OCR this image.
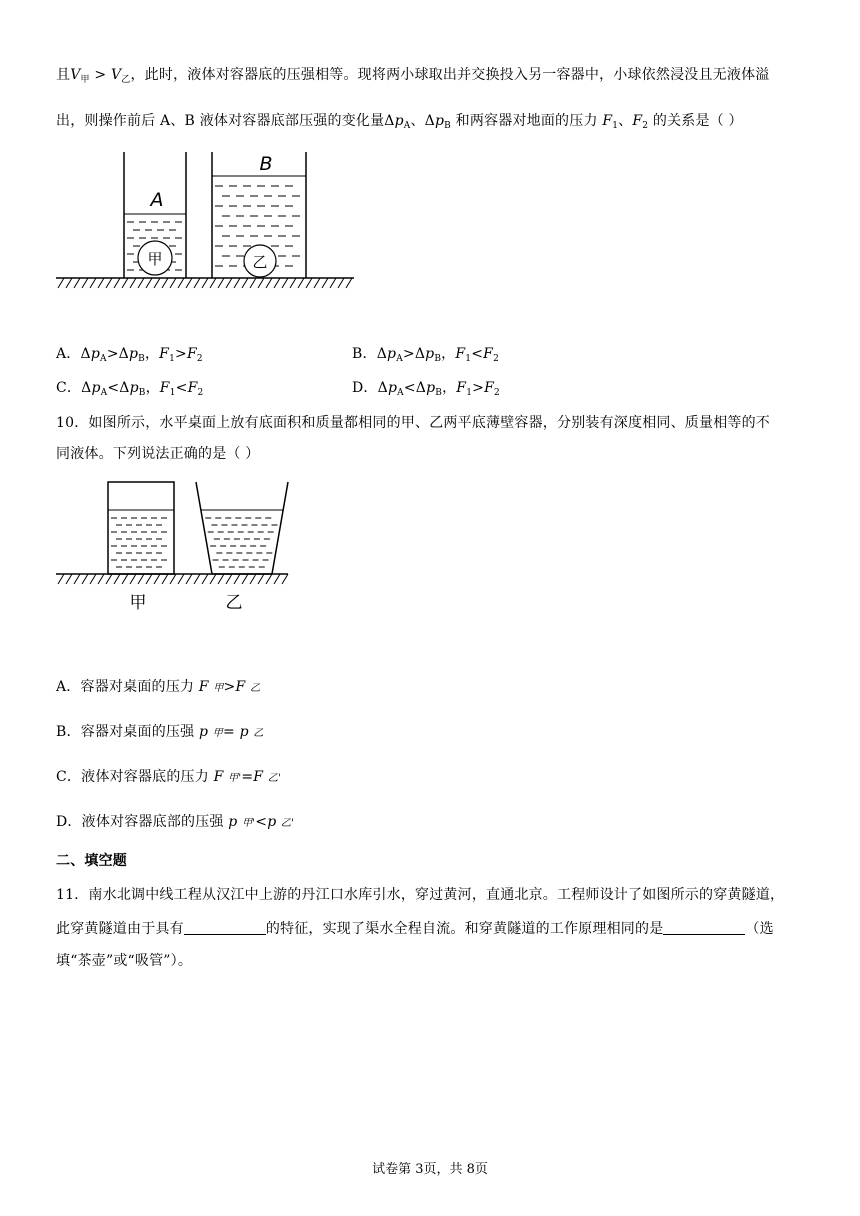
且$V_甲 > V_乙$，此时，液体对容器底的压强相等。现将两小球取出并交换投入另一容器中，小球依然浸没且无液体溢
出，则操作前后 A、B 液体对容器底部压强的变化量$\Delta p_A$、$\Delta p_B$ 和两容器对地面的压力 $F_1$、$F_2$ 的关系是（ ）
甲
A
乙
B
A．$\Delta p_A>\Delta p_B$，$F_1>F_2$	B．$\Delta p_A>\Delta p_B$，$F_1<F_2$
C．$\Delta p_A<\Delta p_B$，$F_1<F_2$	D．$\Delta p_A<\Delta p_B$，$F_1>F_2$
10．如图所示，水平桌面上放有底面积和质量都相同的甲、乙两平底薄壁容器，分别装有深度相同、质量相等的不
同液体。下列说法正确的是（ ）
甲	乙
A．容器对桌面的压力 F 甲>F 乙
B．容器对桌面的压强 p 甲= p 乙
C．液体对容器底的压力 F 甲'=F 乙'
D．液体对容器底部的压强 p 甲'<p 乙'
二、填空题
11．南水北调中线工程从汉江中上游的丹江口水库引水，穿过黄河，直通北京。工程师设计了如图所示的穿黄隧道，
此穿黄隧道由于具有	的特征，实现了渠水全程自流。和穿黄隧道的工作原理相同的是	（选
填“茶壶”或“吸管”）。
试卷第 3页，共 8页
